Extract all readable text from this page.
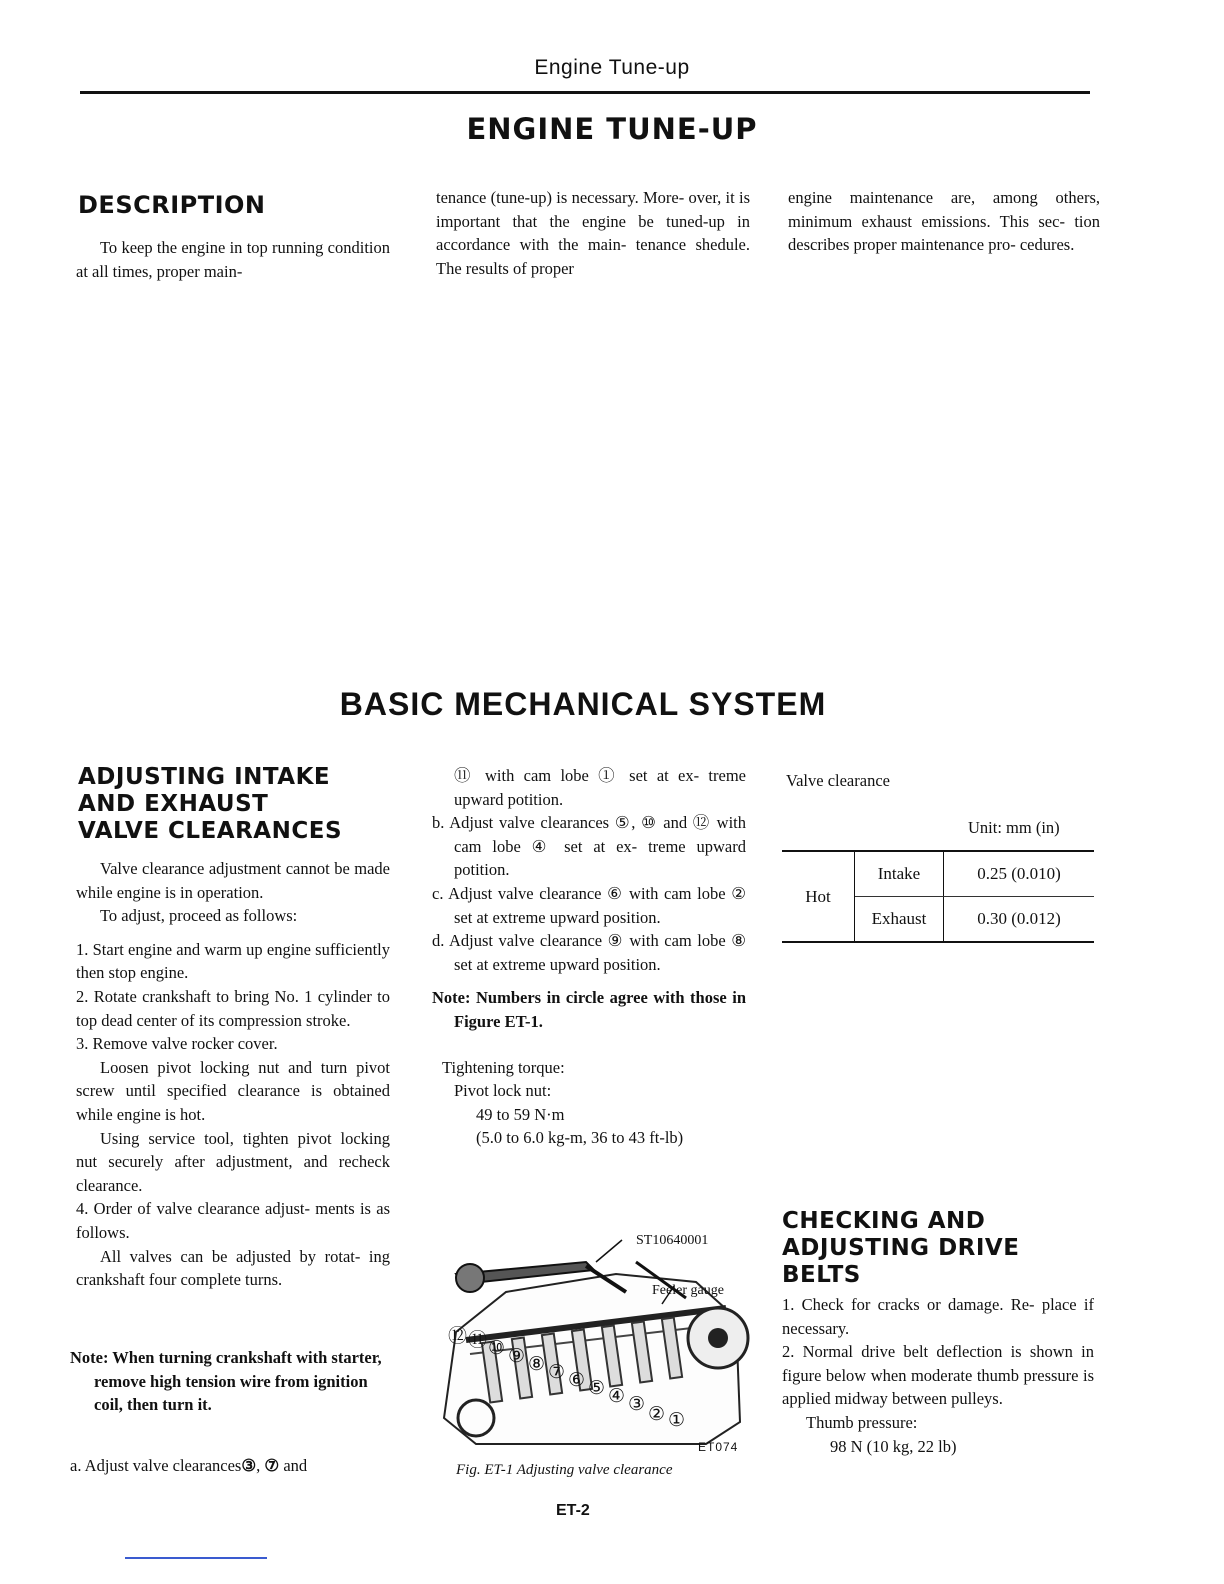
Engine Tune-up
ENGINE TUNE-UP
DESCRIPTION
To keep the engine in top running condition at all times, proper main-
tenance (tune-up) is necessary. More- over, it is important that the engine be tuned-up in accordance with the main- tenance shedule. The results of proper
engine maintenance are, among others, minimum exhaust emissions. This sec- tion describes proper maintenance pro- cedures.
BASIC MECHANICAL SYSTEM
ADJUSTING INTAKE
AND EXHAUST
VALVE CLEARANCES

Valve clearance adjustment cannot be made while engine is in operation.

To adjust, proceed as follows:

1. Start engine and warm up engine sufficiently then stop engine.

2. Rotate crankshaft to bring No. 1 cylinder to top dead center of its compression stroke.

3. Remove valve rocker cover.

Loosen pivot locking nut and turn pivot screw until specified clearance is obtained while engine is hot.

Using service tool, tighten pivot locking nut securely after adjustment, and recheck clearance.

4. Order of valve clearance adjust- ments is as follows.

All valves can be adjusted by rotat- ing crankshaft four complete turns.

Note: When turning crankshaft with starter, remove high tension wire from ignition coil, then turn it.
a. Adjust valve clearances③, ⑦ and

⑪ with cam lobe ① set at ex- treme upward potition.

b. Adjust valve clearances ⑤, ⑩ and ⑫ with cam lobe ④ set at ex- treme upward potition.

c. Adjust valve clearance ⑥ with cam lobe ② set at extreme upward position.

d. Adjust valve clearance ⑨ with cam lobe ⑧ set at extreme upward position.

Note: Numbers in circle agree with those in Figure ET-1.

Tightening torque:

Pivot lock nut:

49 to 59 N·m

(5.0 to 6.0 kg-m, 36 to 43 ft-lb)

⑫ ⑪ ⑩ ⑨ ⑧ ⑦ ⑥ ⑤ ④ ③ ② ①
ST10640001
Feeler gauge
ET074
Fig. ET-1 Adjusting valve clearance
Valve clearance
Unit: mm (in)
Hot	Intake	0.25 (0.010)
	Exhaust	0.30 (0.012)
CHECKING AND
ADJUSTING DRIVE
BELTS

1. Check for cracks or damage. Re- place if necessary.

2. Normal drive belt deflection is shown in figure below when moderate thumb pressure is applied midway between pulleys.

Thumb pressure:

98 N (10 kg, 22 lb)

ET-2
